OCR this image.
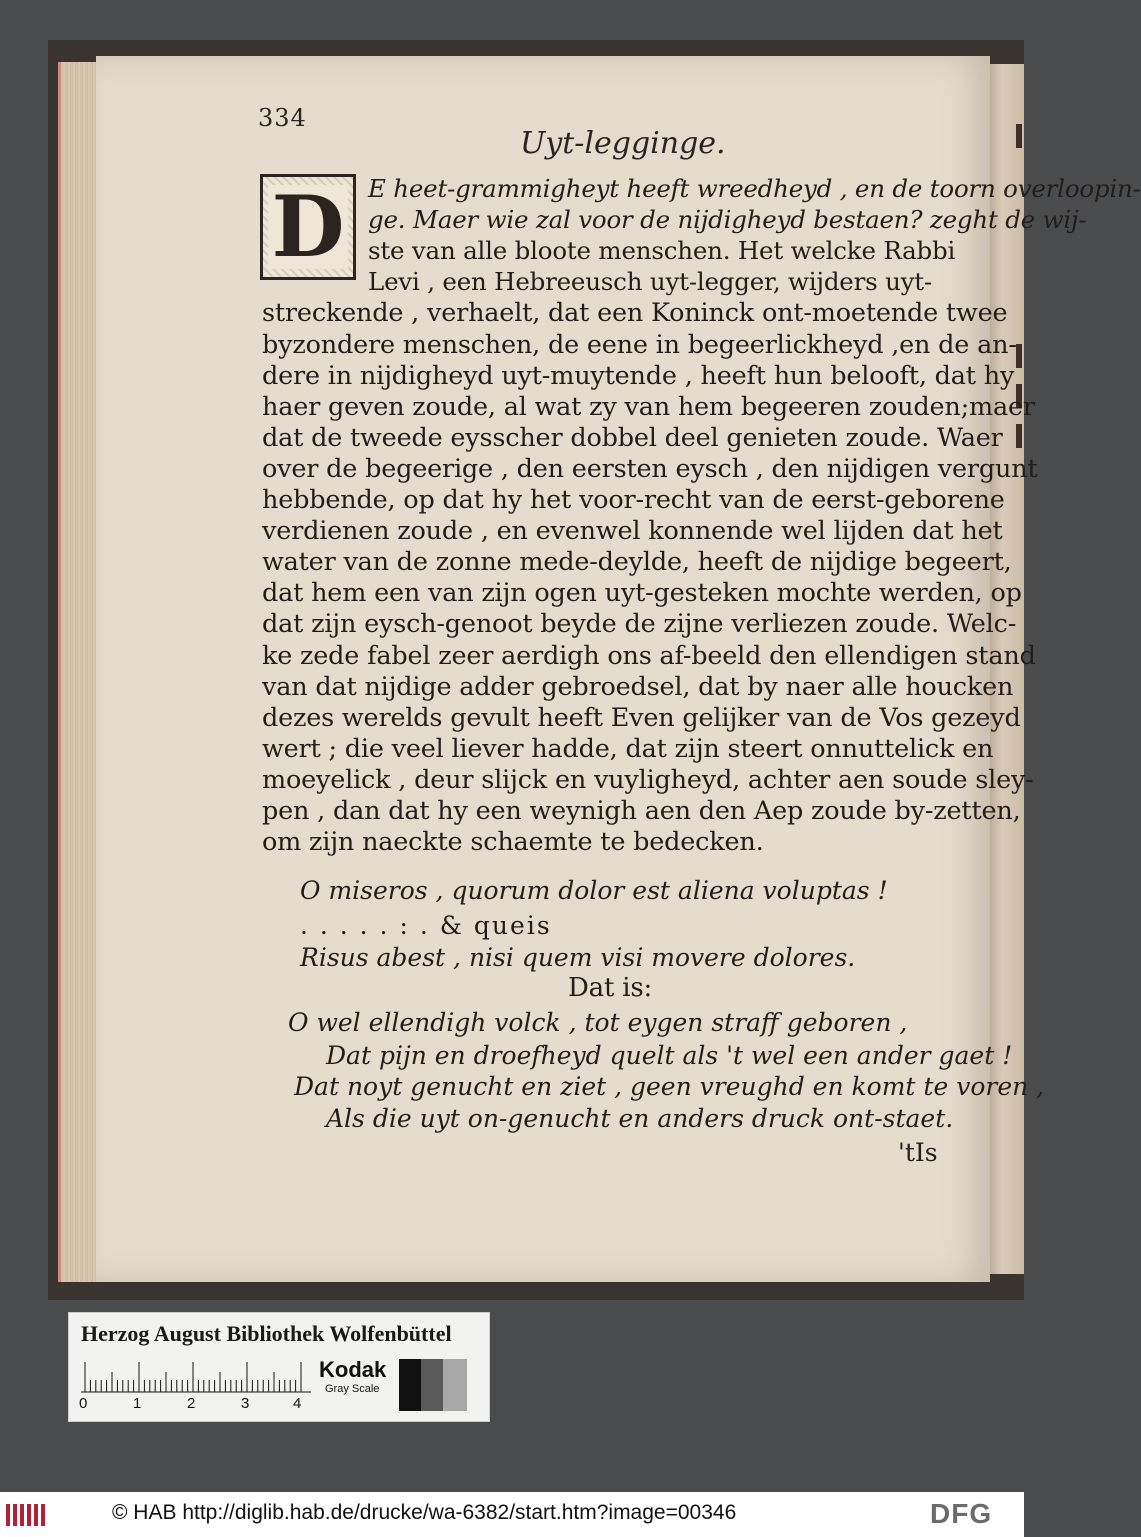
334
Uyt-legginge.
D E heet-grammigheyt heeft wreedheyd , en de toorn overloopin-
ge. Maer wie zal voor de nijdigheyd bestaen? zeght de wij-
ste van alle bloote menschen. Het welcke Rabbi
Levi , een Hebreeusch uyt-legger, wijders uyt-
streckende , verhaelt, dat een Koninck ont-moetende twee
byzondere menschen, de eene in begeerlickheyd ,en de an-
dere in nijdigheyd uyt-muytende , heeft hun belooft, dat hy
haer geven zoude, al wat zy van hem begeeren zouden;maer
dat de tweede eysscher dobbel deel genieten zoude. Waer
over de begeerige , den eersten eysch , den nijdigen vergunt
hebbende, op dat hy het voor-recht van de eerst-geborene
verdienen zoude , en evenwel konnende wel lijden dat het
water van de zonne mede-deylde, heeft de nijdige begeert,
dat hem een van zijn ogen uyt-gesteken mochte werden, op
dat zijn eysch-genoot beyde de zijne verliezen zoude. Welc-
ke zede fabel zeer aerdigh ons af-beeld den ellendigen stand
van dat nijdige adder gebroedsel, dat by naer alle houcken
dezes werelds gevult heeft Even gelijker van de Vos gezeyd
wert ; die veel liever hadde, dat zijn steert onnuttelick en
moeyelick , deur slijck en vuyligheyd, achter aen soude sley-
pen , dan dat hy een weynigh aen den Aep zoude by-zetten,
om zijn naeckte schaemte te bedecken.
O miseros , quorum dolor est aliena voluptas !
. . . . . : . & queis
Risus abest , nisi quem visi movere dolores.
Dat is:
O wel ellendigh volck , tot eygen straff geboren ,
Dat pijn en droefheyd quelt als 't wel een ander gaet !
Dat noyt genucht en ziet , geen vreughd en komt te voren ,
Als die uyt on-genucht en anders druck ont-staet.
'tIs
Herzog August Bibliothek Wolfenbüttel
0	1	2	3	4
Kodak
Gray Scale
© HAB http://diglib.hab.de/drucke/wa-6382/start.htm?image=00346	DFG
